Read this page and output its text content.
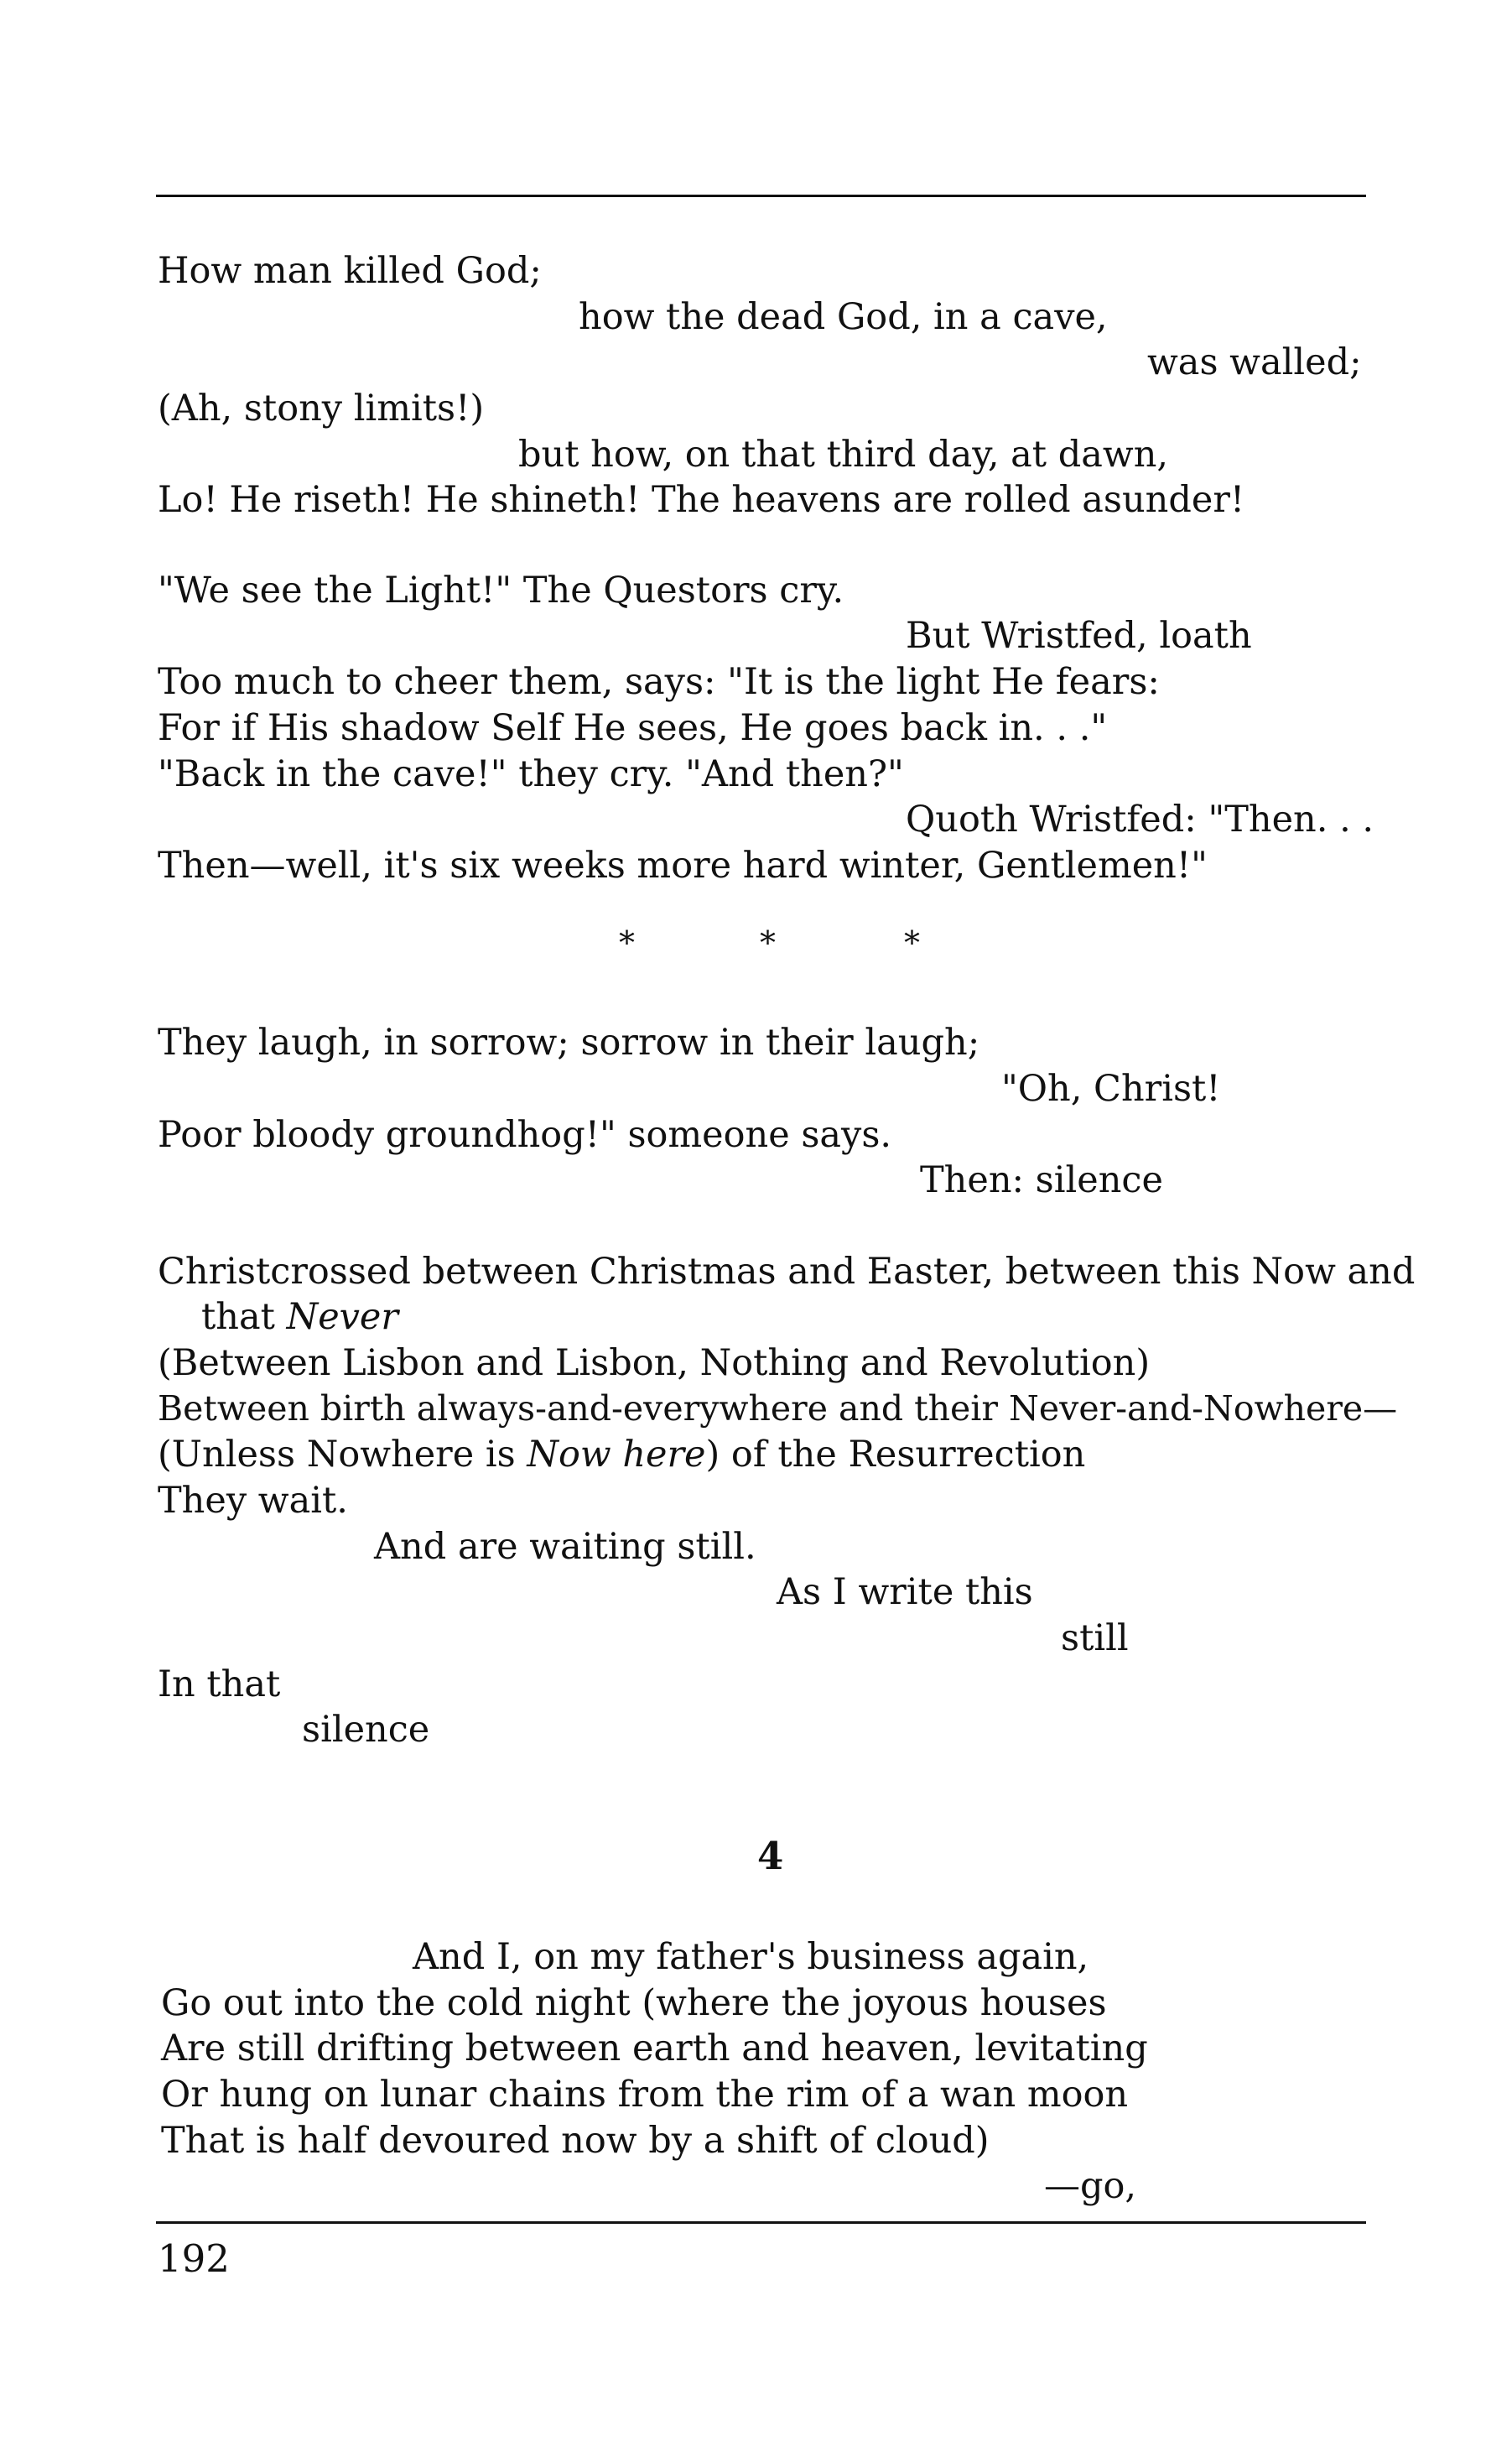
How man killed God;

how the dead God, in a cave,

was walled;

(Ah, stony limits!)

but how, on that third day, at dawn,

Lo! He riseth! He shineth! The heavens are rolled asunder!

"We see the Light!" The Questors cry.

But Wristfed, loath

Too much to cheer them, says: "It is the light He fears:

For if His shadow Self He sees, He goes back in. . ."

"Back in the cave!" they cry. "And then?"

Quoth Wristfed: "Then. . .

Then—well, it's six weeks more hard winter, Gentlemen!"

*	*	*

They laugh, in sorrow; sorrow in their laugh;

"Oh, Christ!

Poor bloody groundhog!" someone says.

Then: silence

Christcrossed between Christmas and Easter, between this Now and

that Never

(Between Lisbon and Lisbon, Nothing and Revolution)

Between birth always-and-everywhere and their Never-and-Nowhere—

(Unless Nowhere is Now here) of the Resurrection

They wait.

And are waiting still.

As I write this

still

In that

silence

4

And I, on my father's business again,

Go out into the cold night (where the joyous houses

Are still drifting between earth and heaven, levitating

Or hung on lunar chains from the rim of a wan moon

That is half devoured now by a shift of cloud)

—go,

192
